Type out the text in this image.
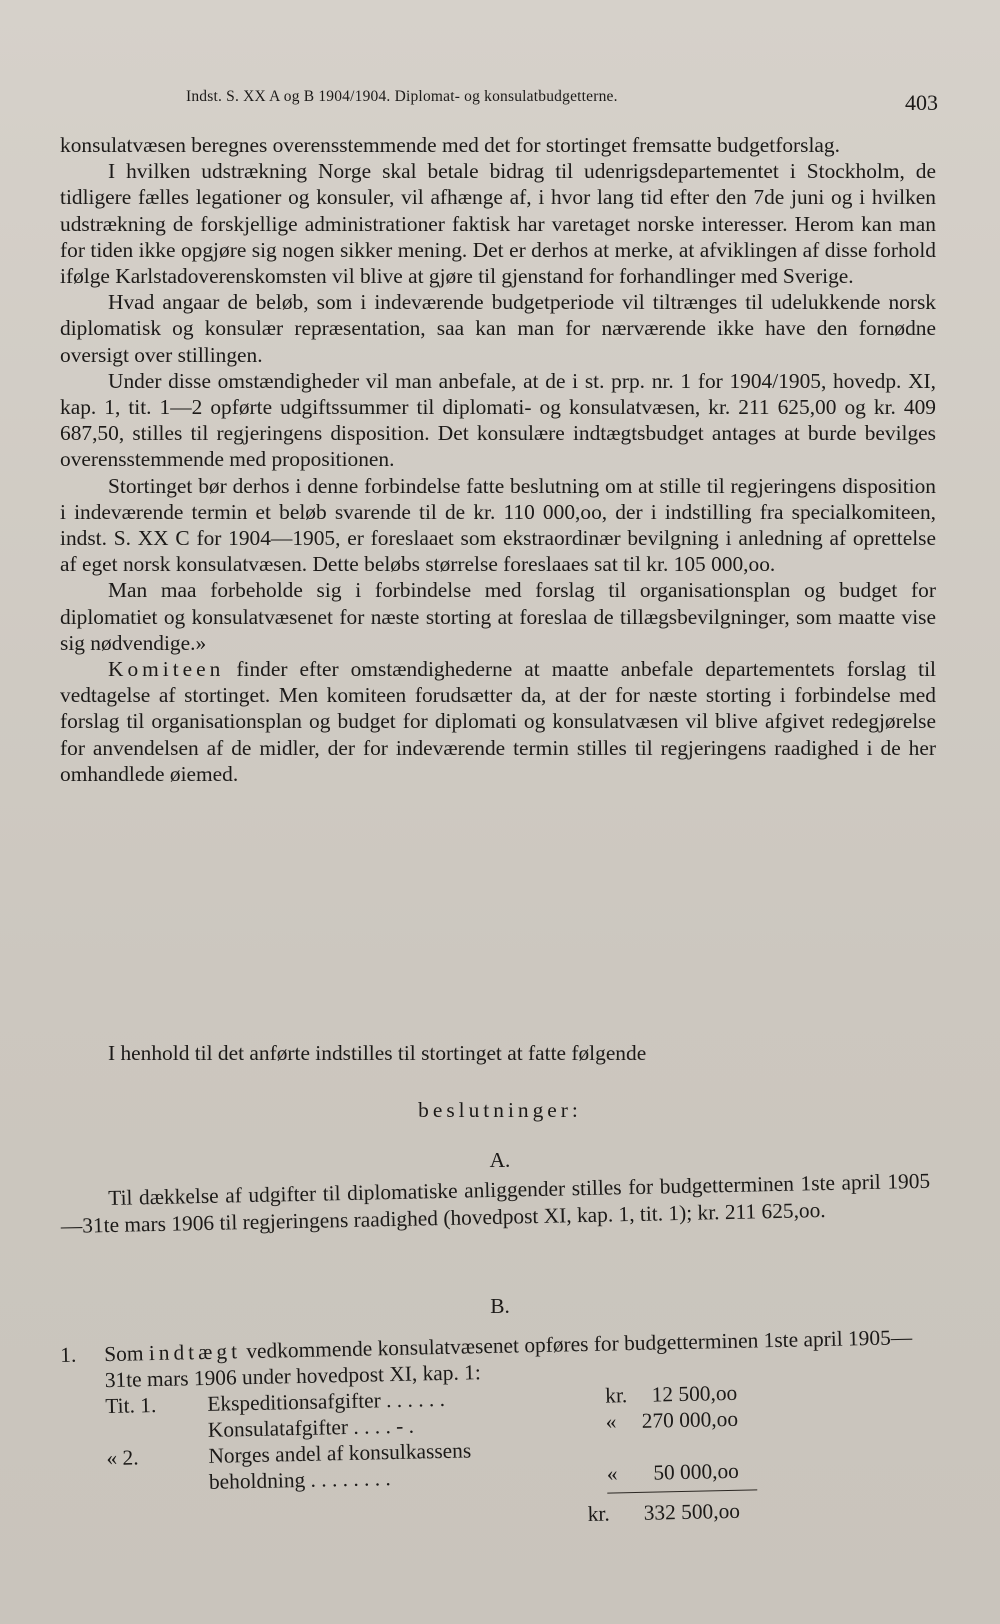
Indst. S. XX A og B 1904/1904. Diplomat- og konsulatbudgetterne.	403

konsulatvæsen beregnes overensstemmende med det for stortinget fremsatte budgetforslag.

I hvilken udstrækning Norge skal betale bidrag til udenrigsdepartementet i Stockholm, de tidligere fælles legationer og konsuler, vil afhænge af, i hvor lang tid efter den 7de juni og i hvilken udstrækning de forskjellige administrationer faktisk har varetaget norske interesser. Herom kan man for tiden ikke opgjøre sig nogen sikker mening. Det er derhos at merke, at afviklingen af disse forhold ifølge Karlstadoverenskomsten vil blive at gjøre til gjenstand for forhandlinger med Sverige.

Hvad angaar de beløb, som i indeværende budgetperiode vil tiltrænges til udelukkende norsk diplomatisk og konsulær repræsentation, saa kan man for nærværende ikke have den fornødne oversigt over stillingen.

Under disse omstændigheder vil man anbefale, at de i st. prp. nr. 1 for 1904/1905, hovedp. XI, kap. 1, tit. 1—2 opførte udgiftssummer til diplomati- og konsulatvæsen, kr. 211 625,00 og kr. 409 687,50, stilles til regjeringens disposition. Det konsulære indtægtsbudget antages at burde bevilges overensstemmende med propositionen.

Stortinget bør derhos i denne forbindelse fatte beslutning om at stille til regjeringens disposition i indeværende termin et beløb svarende til de kr. 110 000,oo, der i indstilling fra specialkomiteen, indst. S. XX C for 1904—1905, er foreslaaet som ekstraordinær bevilgning i anledning af oprettelse af eget norsk konsulatvæsen. Dette beløbs størrelse foreslaaes sat til kr. 105 000,oo.

Man maa forbeholde sig i forbindelse med forslag til organisationsplan og budget for diplomatiet og konsulatvæsenet for næste storting at foreslaa de tillægsbevilgninger, som maatte vise sig nødvendige.»

Komiteen finder efter omstændighederne at maatte anbefale departementets forslag til vedtagelse af stortinget. Men komiteen forudsætter da, at der for næste storting i forbindelse med forslag til organisationsplan og budget for diplomati og konsulatvæsen vil blive afgivet redegjørelse for anvendelsen af de midler, der for indeværende termin stilles til regjeringens raadighed i de her omhandlede øiemed.

I henhold til det anførte indstilles til stortinget at fatte følgende
beslutninger:
A.

Til dækkelse af udgifter til diplomatiske anliggender stilles for budgetterminen 1ste april 1905—31te mars 1906 til regjeringens raadighed (hovedpost XI, kap. 1, tit. 1); kr. 211 625,oo.

B.
1.	Som indtægt vedkommende konsulatvæsenet opføres for budgetterminen 1ste april 1905—31te mars 1906 under hovedpost XI, kap. 1:
Tit. 1. Ekspeditionsafgifter . . . . . .	kr.	12 500,oo
Konsulatafgifter . . . . - .	« 270 000,oo
« 2.	Norges andel af konsulkassens
beholdning . . . . . . . .	«	50 000,oo
kr. 332 500,oo
